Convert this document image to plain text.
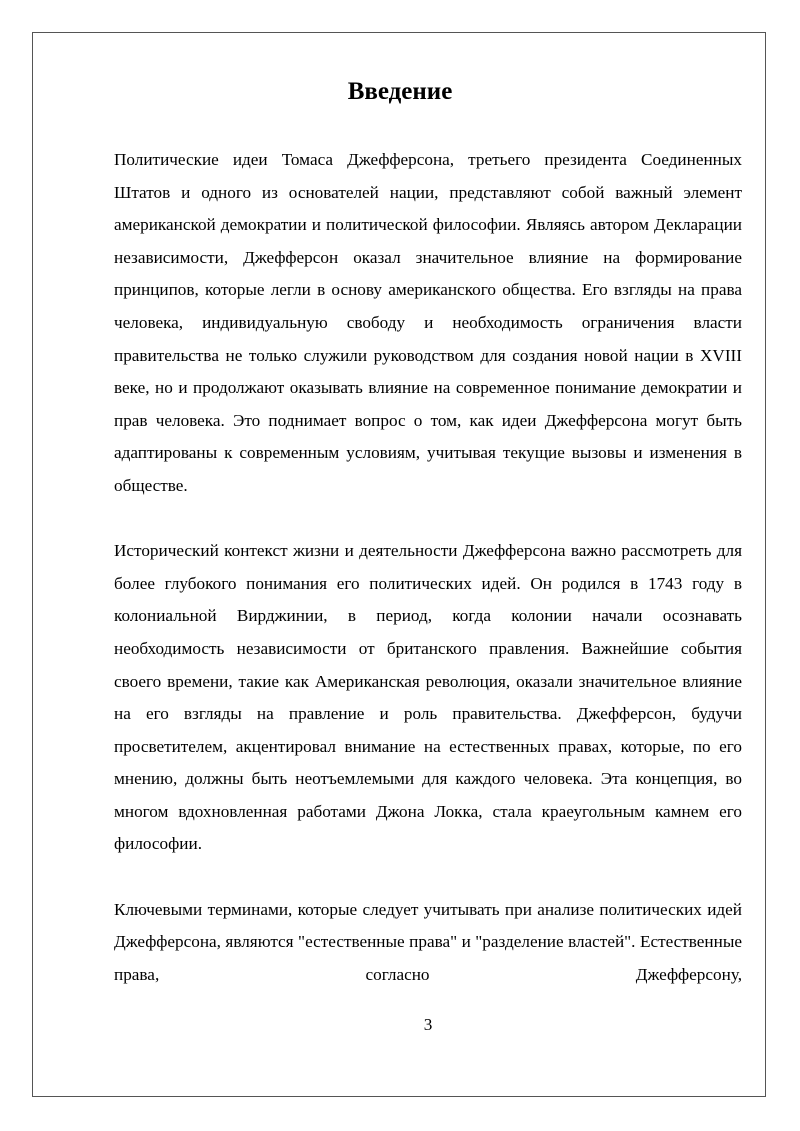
Введение

Политические идеи Томаса Джефферсона, третьего президента Соединенных Штатов и одного из основателей нации, представляют собой важный элемент американской демократии и политической философии. Являясь автором Декларации независимости, Джефферсон оказал значительное влияние на формирование принципов, которые легли в основу американского общества. Его взгляды на права человека, индивидуальную свободу и необходимость ограничения власти правительства не только служили руководством для создания новой нации в XVIII веке, но и продолжают оказывать влияние на современное понимание демократии и прав человека. Это поднимает вопрос о том, как идеи Джефферсона могут быть адаптированы к современным условиям, учитывая текущие вызовы и изменения в обществе.

Исторический контекст жизни и деятельности Джефферсона важно рассмотреть для более глубокого понимания его политических идей. Он родился в 1743 году в колониальной Вирджинии, в период, когда колонии начали осознавать необходимость независимости от британского правления. Важнейшие события своего времени, такие как Американская революция, оказали значительное влияние на его взгляды на правление и роль правительства. Джефферсон, будучи просветителем, акцентировал внимание на естественных правах, которые, по его мнению, должны быть неотъемлемыми для каждого человека. Эта концепция, во многом вдохновленная работами Джона Локка, стала краеугольным камнем его философии.

Ключевыми терминами, которые следует учитывать при анализе политических идей Джефферсона, являются "естественные права" и "разделение властей". Естественные права, согласно Джефферсону,

3
